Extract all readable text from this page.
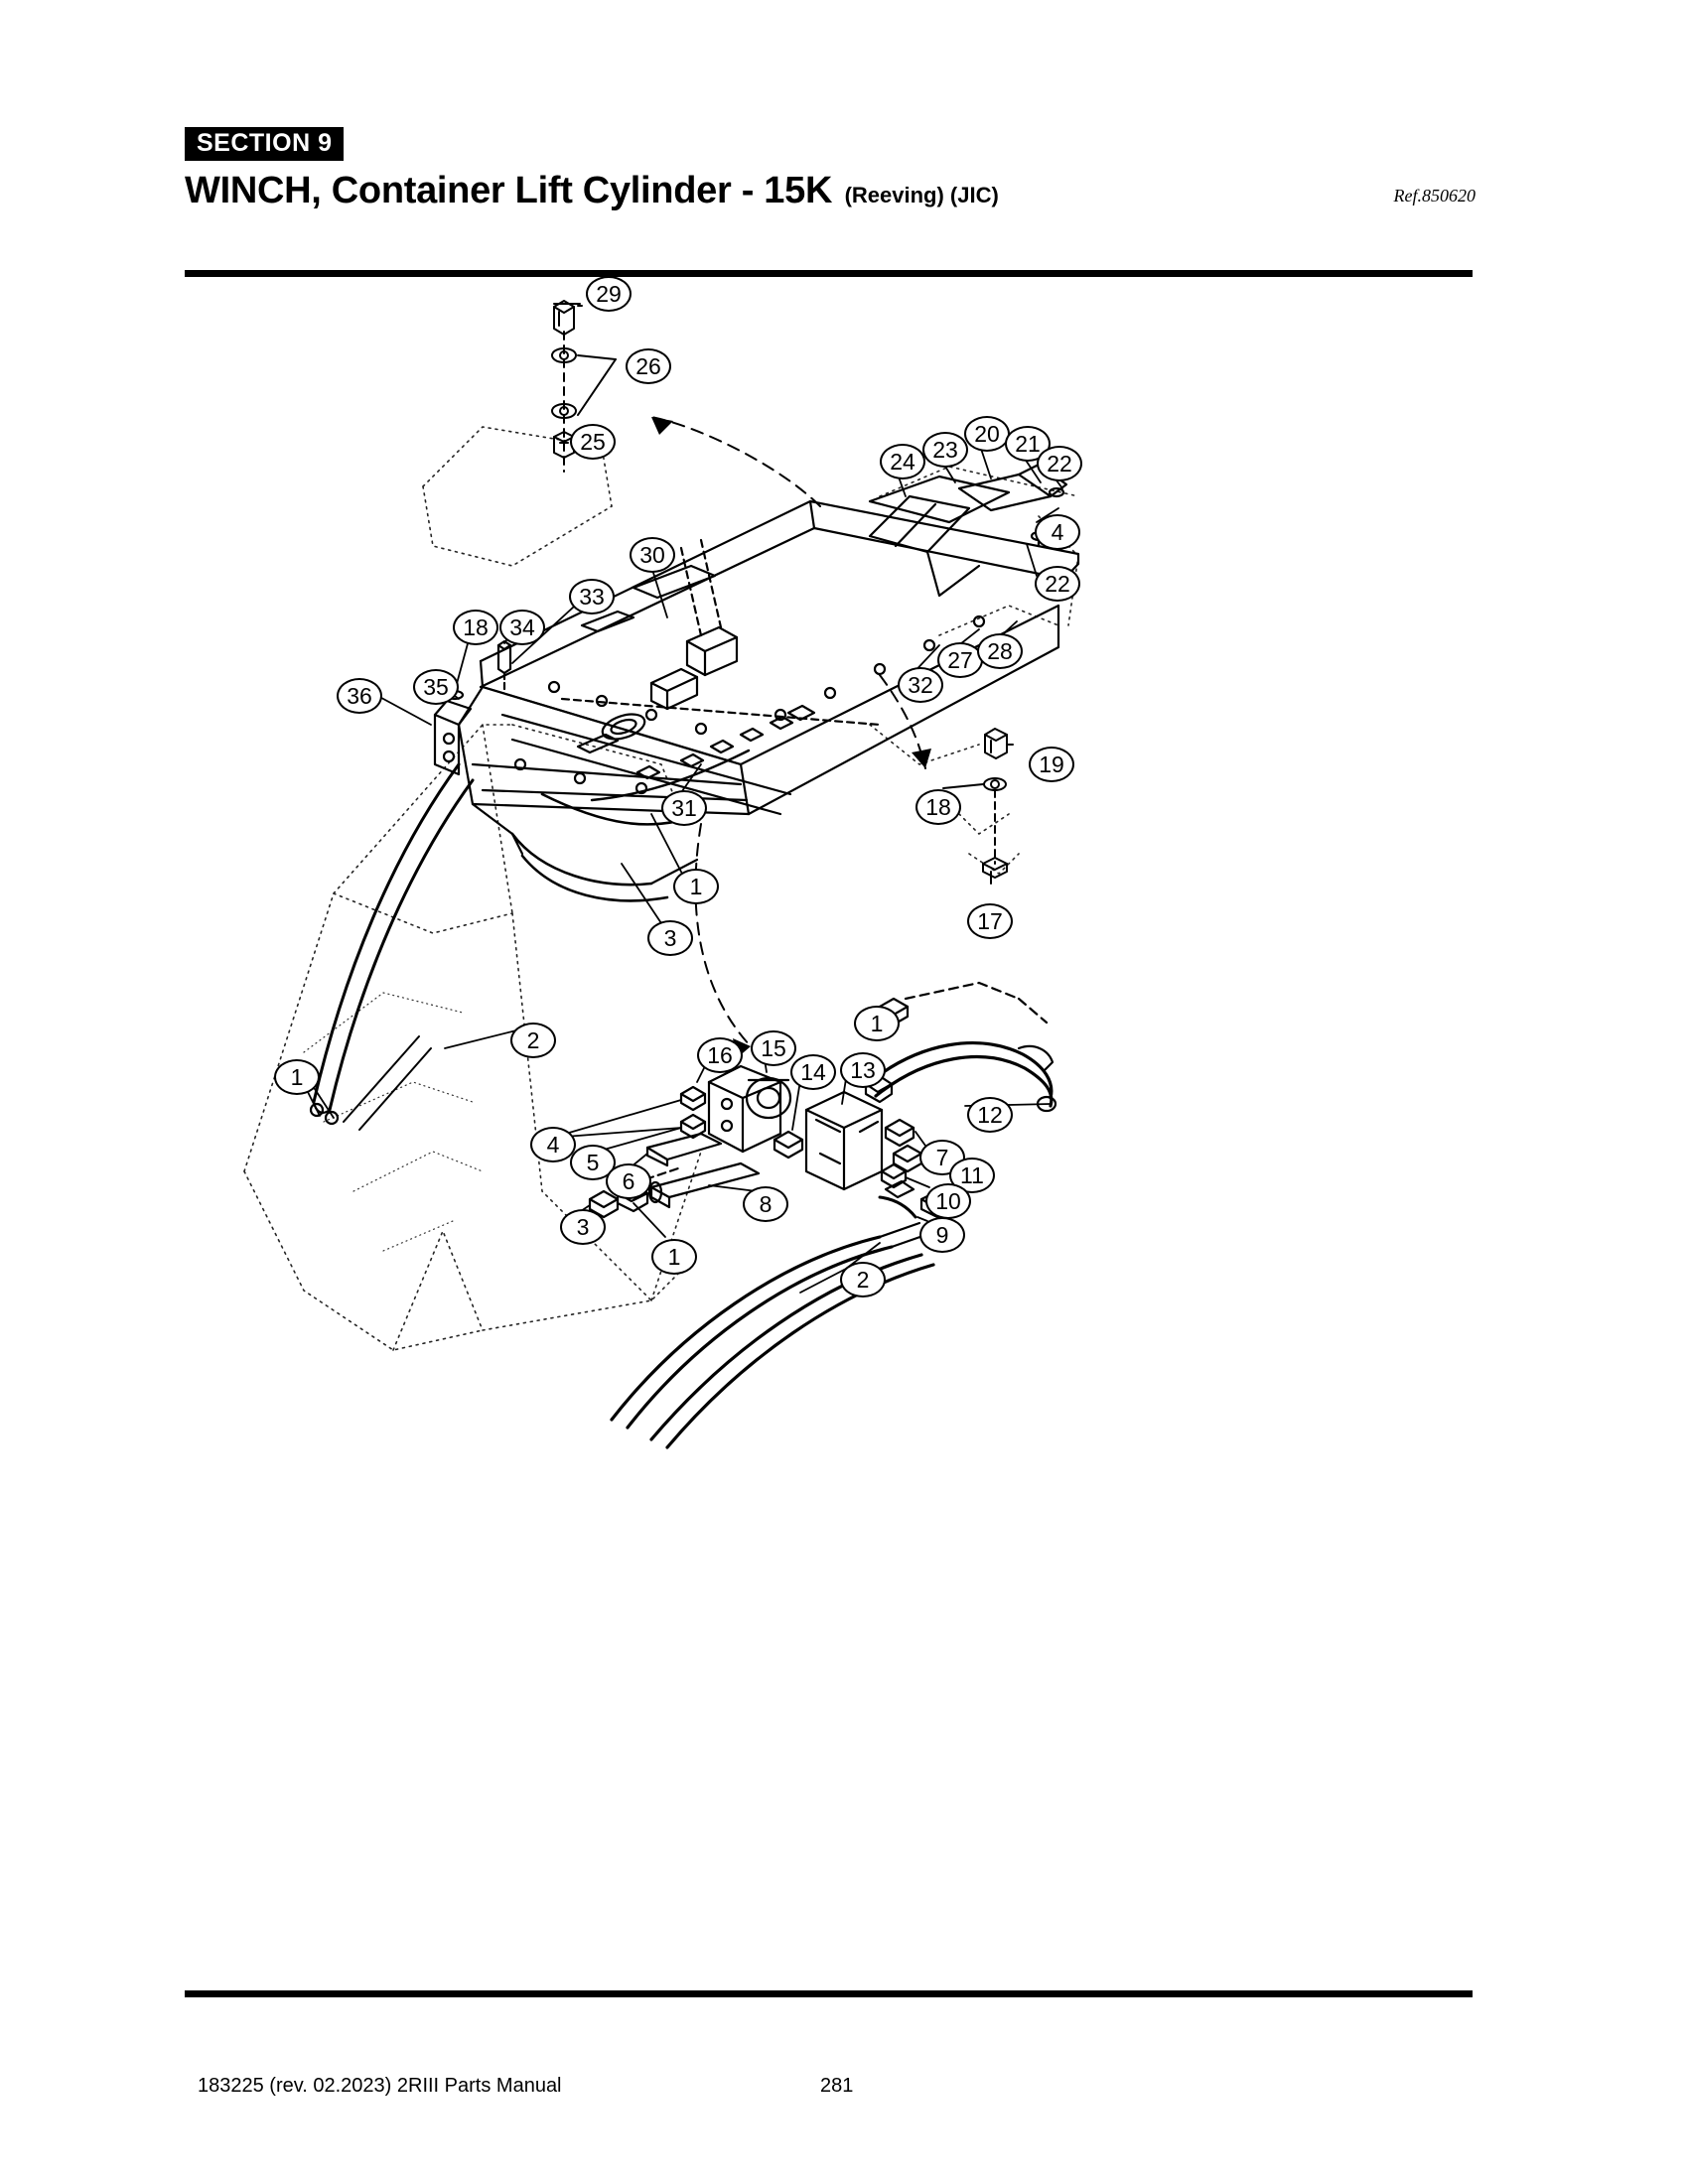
SECTION 9
WINCH, Container Lift Cylinder - 15K (Reeving) (JIC)	Ref.850620
29
26
25
24 23
20 21
22
4
22
30
33
18 34
35
36
27 28
32
31
19
18
17
1
3
2
1
1
12
16	15
14	13
7
11
10
9
4
5
6
8
3
1
2
183225 (rev. 02.2023) 2RIII Parts Manual	281
